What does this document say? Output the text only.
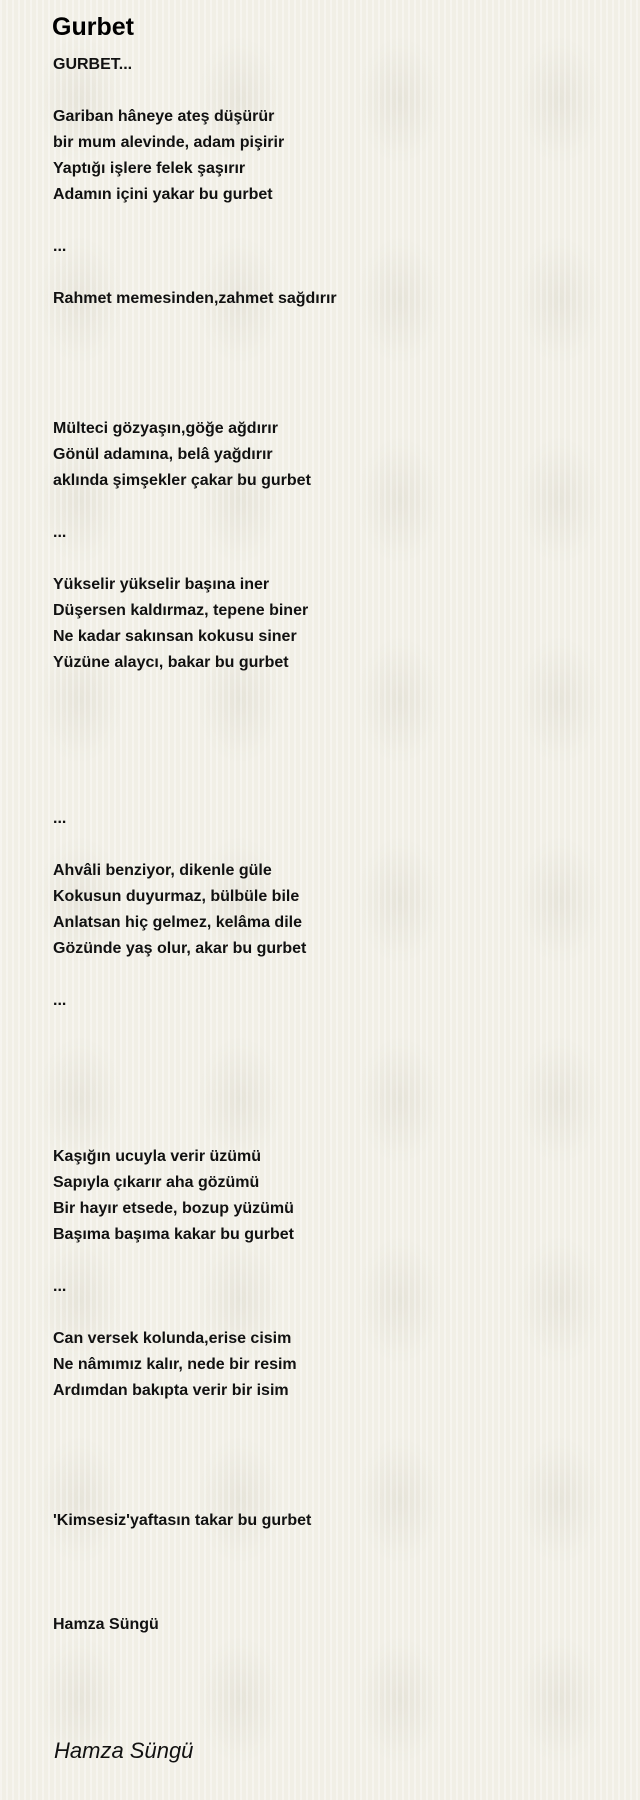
Gurbet
GURBET...
Gariban hâneye ateş düşürür
bir mum alevinde, adam pişirir
Yaptığı işlere felek şaşırır
Adamın içini yakar bu gurbet
...
Rahmet memesinden,zahmet sağdırır
Mülteci gözyaşın,göğe ağdırır
Gönül adamına, belâ yağdırır
aklında şimşekler çakar bu gurbet
...
Yükselir yükselir başına iner
Düşersen kaldırmaz, tepene biner
Ne kadar sakınsan kokusu siner
Yüzüne alaycı, bakar bu gurbet
...
Ahvâli benziyor, dikenle güle
Kokusun duyurmaz, bülbüle bile
Anlatsan hiç gelmez, kelâma dile
Gözünde yaş olur, akar bu gurbet
...
Kaşığın ucuyla verir üzümü
Sapıyla çıkarır aha gözümü
Bir hayır etsede, bozup yüzümü
Başıma başıma kakar bu gurbet
...
Can versek kolunda,erise cisim
Ne nâmımız kalır, nede bir resim
Ardımdan bakıpta verir bir isim
'Kimsesiz'yaftasın takar bu gurbet
Hamza Süngü
Hamza Süngü
